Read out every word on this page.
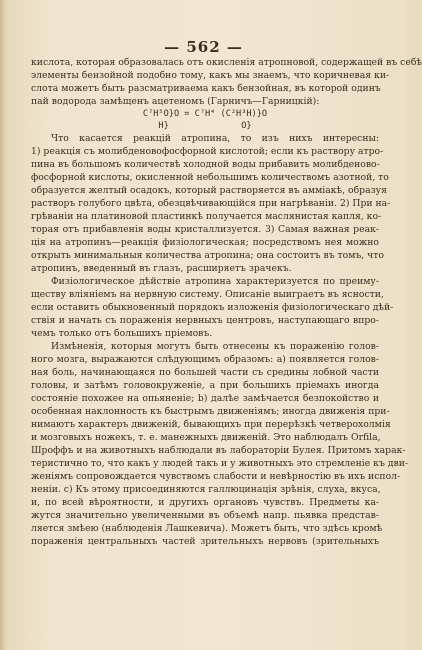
— 562 —
кислота, которая образовалась отъ окисленія атропновой, содержащей въ себѣ
элементы бензойной подобно тому, какъ мы знаемъ, что коричневая ки-
слота можетъ быть разсматриваема какъ бензойная, въ которой одинъ
пай водорода замѣщенъ ацетеномъ (Гарничъ—Гарницкій):
C⁷H⁵O}O = C⁷H⁴ (C²H³H)}O
H}              O}
Что касается реакцій атропина, то изъ нихъ интересны:
1) реакція съ молибденовофосфорной кислотой; если къ раствору атро-
пина въ большомъ количествѣ холодной воды прибавить молибденово-
фосфорной кислоты, окисленной небольшимъ количествомъ азотной, то
образуется желтый осадокъ, который растворяется въ амміакѣ, образуя
растворъ голубого цвѣта, обезцвѣчивающійся при нагрѣваніи. 2) При на-
грѣваніи на платиновой пластинкѣ получается маслянистая капля, ко-
торая отъ прибавленія воды кристаллизуется. 3) Самая важная реак-
ція на атропинъ—реакція физіологическая; посредствомъ нея можно
открыть минимальныя количества атропина; она состоитъ въ томъ, что
атропинъ, введенный въ глазъ, расширяетъ зрачекъ.
Физіологическое дѣйствіе атропина характеризуется по преиму-
ществу вліяніемъ на нервную систему. Описаніе выиграетъ въ ясности,
если оставить обыкновенный порядокъ изложенія физіологическаго дѣй-
ствія и начать съ пораженія нервныхъ центровъ, наступающаго впро-
чемъ только отъ большихъ пріемовъ.
Измѣненія, которыя могутъ быть отнесены къ пораженію голов-
ного мозга, выражаются слѣдующимъ образомъ: а) появляется голов-
ная боль, начинающаяся по большей части съ средины лобной части
головы, и затѣмъ головокруженіе, а при большихъ пріемахъ иногда
состояніе похожее на опьяненіе; b) далѣе замѣчается безпокойство и
особенная наклонность къ быстрымъ движеніямъ; иногда движенія при-
нимаютъ характеръ движеній, бывающихъ при перерѣзкѣ четверохолмія
и мозговыхъ ножекъ, т. е. манежныхъ движеній. Это наблюдалъ Orfila,
Шроффъ и на животныхъ наблюдали въ лабораторіи Булея. Притомъ харак-
теристично то, что какъ у людей такъ и у животныхъ это стремленіе къ дви-
женіямъ сопровождается чувствомъ слабости и невѣрностію въ ихъ испол-
неніи. с) Къ этому присоединяются галлюцинація зрѣнія, слуха, вкуса,
и, по всей вѣроятности, и другихъ органовъ чувствъ. Предметы ка-
жутся значительно увеличенными въ объемѣ напр. пьявка представ-
ляется змѣею (наблюденія Лашкевича). Можетъ быть, что здѣсь кромѣ
пораженія центральныхъ частей зрительныхъ нервовъ (зрительныхъ
